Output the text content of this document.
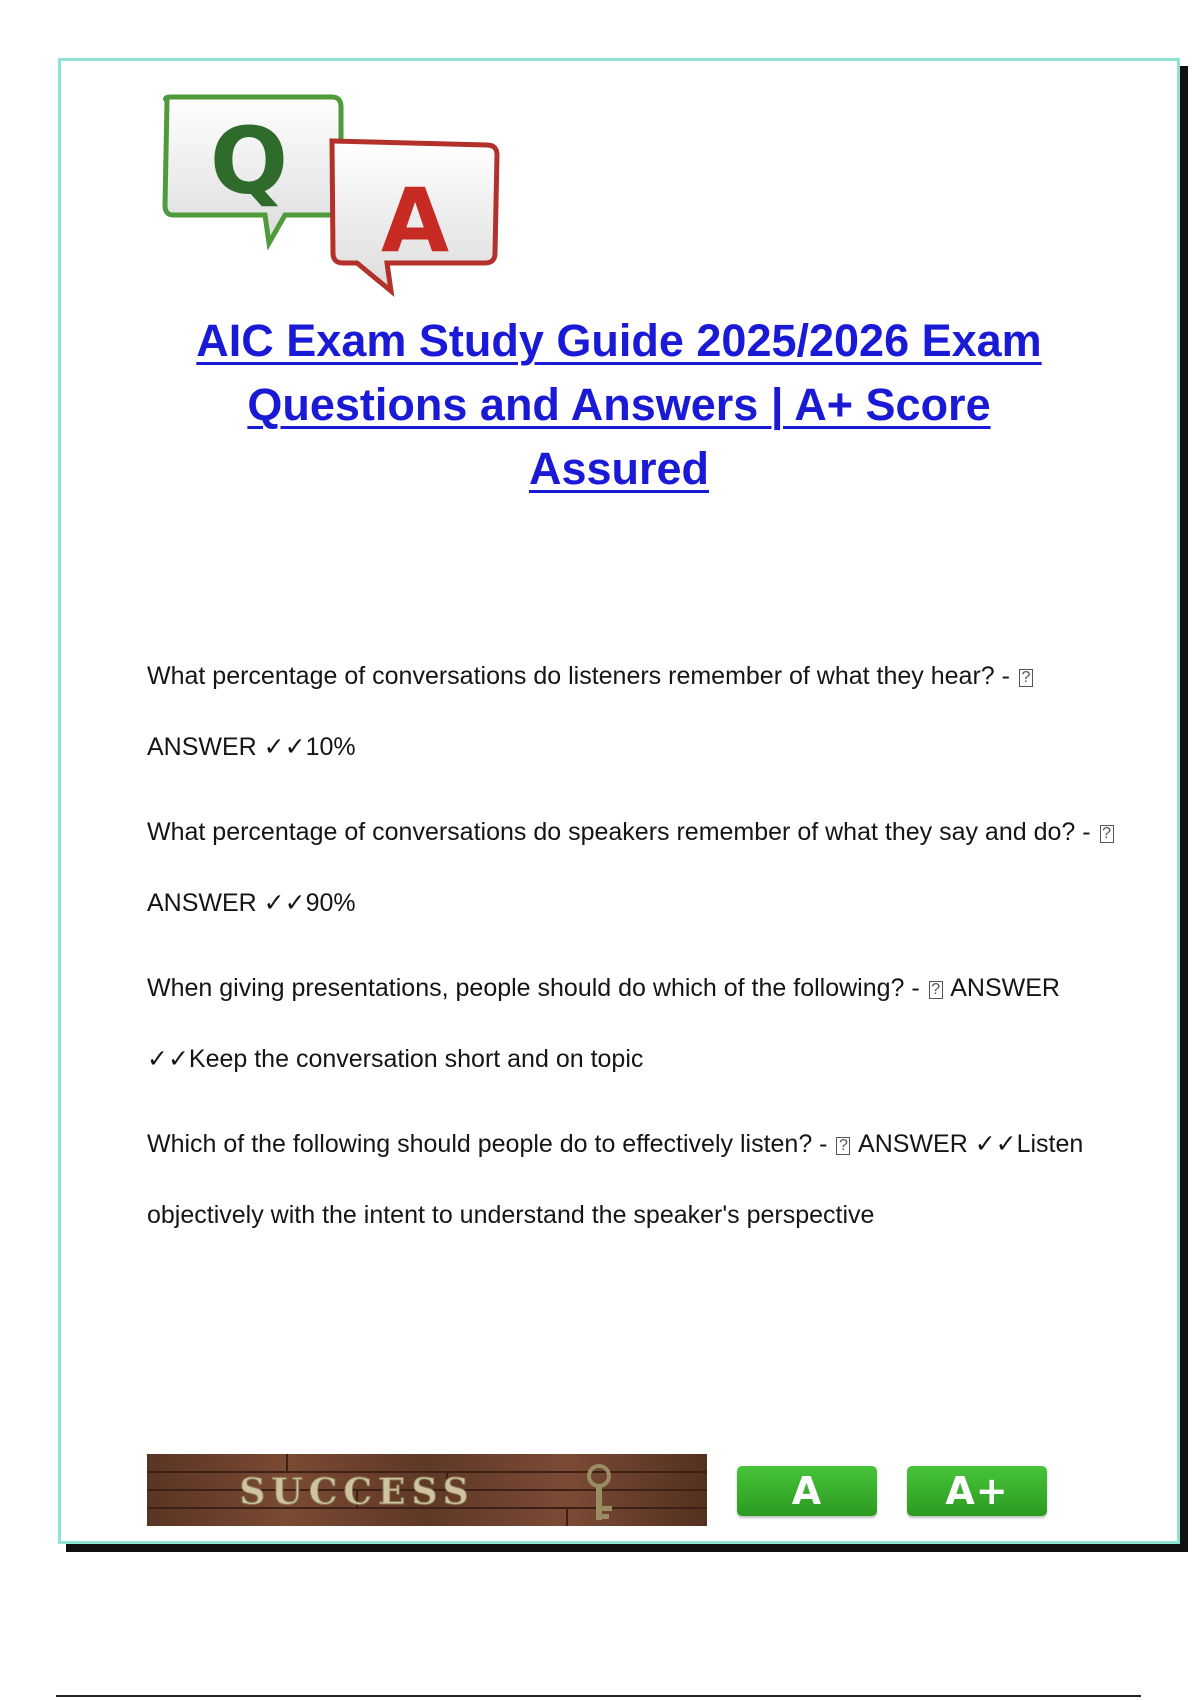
Q
A
AIC Exam Study Guide 2025/2026 Exam
Questions and Answers | A+ Score
Assured
What percentage of conversations do listeners remember of what they hear? - ? ANSWER ✓✓10%
What percentage of conversations do speakers remember of what they say and do? - ? ANSWER ✓✓90%
When giving presentations, people should do which of the following? - ? ANSWER ✓✓Keep the conversation short and on topic
Which of the following should people do to effectively listen? - ? ANSWER ✓✓Listen objectively with the intent to understand the speaker's perspective
SUCCESS	A	A+
